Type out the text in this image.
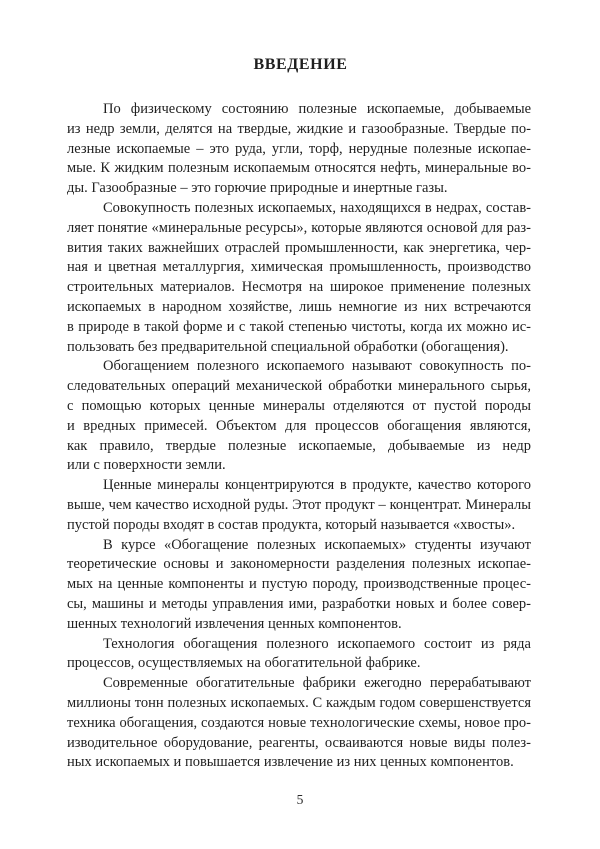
ВВЕДЕНИЕ

По физическому состоянию полезные ископаемые, добываемые
из недр земли, делятся на твердые, жидкие и газообразные. Твердые по-
лезные ископаемые – это руда, угли, торф, нерудные полезные ископае-
мые. К жидким полезным ископаемым относятся нефть, минеральные во-
ды. Газообразные – это горючие природные и инертные газы.

Совокупность полезных ископаемых, находящихся в недрах, состав-
ляет понятие «минеральные ресурсы», которые являются основой для раз-
вития таких важнейших отраслей промышленности, как энергетика, чер-
ная и цветная металлургия, химическая промышленность, производство
строительных материалов. Несмотря на широкое применение полезных
ископаемых в народном хозяйстве, лишь немногие из них встречаются
в природе в такой форме и с такой степенью чистоты, когда их можно ис-
пользовать без предварительной специальной обработки (обогащения).

Обогащением полезного ископаемого называют совокупность по-
следовательных операций механической обработки минерального сырья,
с помощью которых ценные минералы отделяются от пустой породы
и вредных примесей. Объектом для процессов обогащения являются,
как правило, твердые полезные ископаемые, добываемые из недр
или с поверхности земли.

Ценные минералы концентрируются в продукте, качество которого
выше, чем качество исходной руды. Этот продукт – концентрат. Минералы
пустой породы входят в состав продукта, который называется «хвосты».

В курсе «Обогащение полезных ископаемых» студенты изучают
теоретические основы и закономерности разделения полезных ископае-
мых на ценные компоненты и пустую породу, производственные процес-
сы, машины и методы управления ими, разработки новых и более совер-
шенных технологий извлечения ценных компонентов.

Технология обогащения полезного ископаемого состоит из ряда
процессов, осуществляемых на обогатительной фабрике.

Современные обогатительные фабрики ежегодно перерабатывают
миллионы тонн полезных ископаемых. С каждым годом совершенствуется
техника обогащения, создаются новые технологические схемы, новое про-
изводительное оборудование, реагенты, осваиваются новые виды полез-
ных ископаемых и повышается извлечение из них ценных компонентов.

5
